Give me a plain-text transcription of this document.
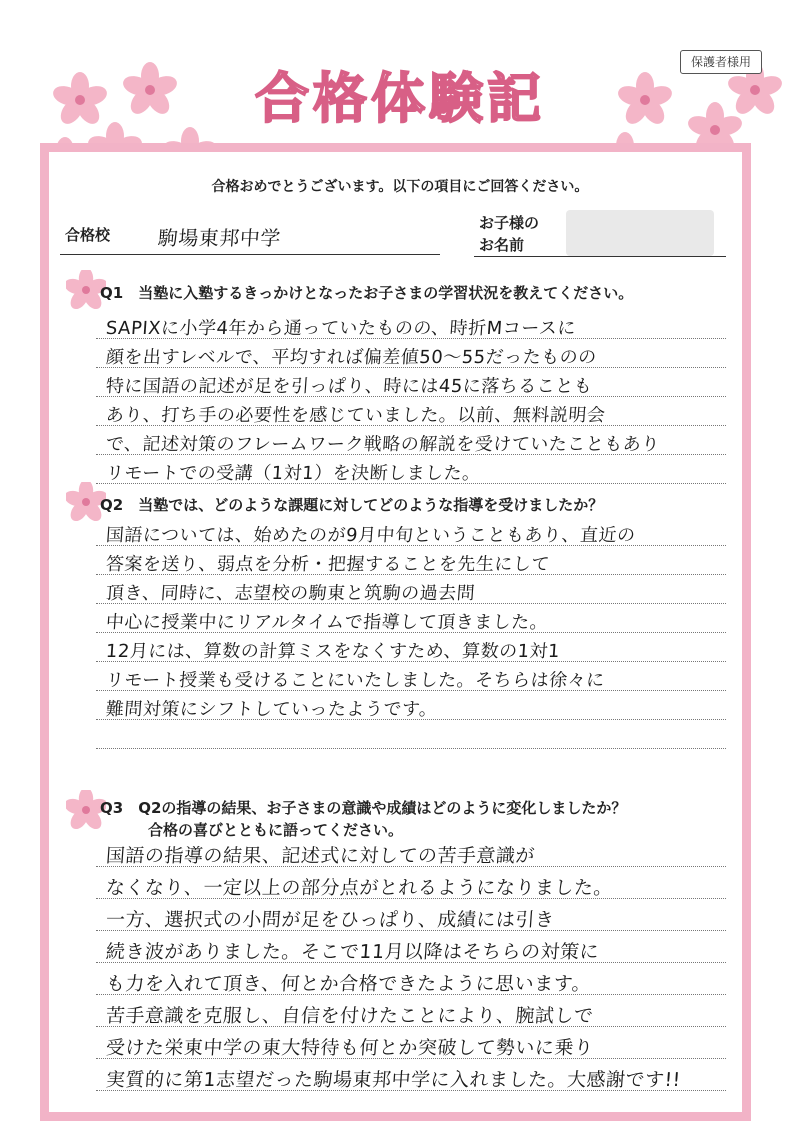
保護者様用
合格体験記
合格おめでとうございます。以下の項目にご回答ください。
合格校 駒場東邦中学
お子様の
お名前
Q1　当塾に入塾するきっかけとなったお子さまの学習状況を教えてください。
SAPIXに小学4年から通っていたものの、時折Mコースに
顔を出すレベルで、平均すれば偏差値50～55だったものの
特に国語の記述が足を引っぱり、時には45に落ちることも
あり、打ち手の必要性を感じていました。以前、無料説明会
で、記述対策のフレームワーク戦略の解説を受けていたこともあり
リモートでの受講（1対1）を決断しました。
Q2　当塾では、どのような課題に対してどのような指導を受けましたか？
国語については、始めたのが9月中旬ということもあり、直近の
答案を送り、弱点を分析・把握することを先生にして
頂き、同時に、志望校の駒東と筑駒の過去問
中心に授業中にリアルタイムで指導して頂きました。
12月には、算数の計算ミスをなくすため、算数の1対1
リモート授業も受けることにいたしました。そちらは徐々に
難問対策にシフトしていったようです。
Q3　Q2の指導の結果、お子さまの意識や成績はどのように変化しましたか？
合格の喜びとともに語ってください。
国語の指導の結果、記述式に対しての苦手意識が
なくなり、一定以上の部分点がとれるようになりました。
一方、選択式の小問が足をひっぱり、成績には引き
続き波がありました。そこで11月以降はそちらの対策に
も力を入れて頂き、何とか合格できたように思います。
苦手意識を克服し、自信を付けたことにより、腕試しで
受けた栄東中学の東大特待も何とか突破して勢いに乗り
実質的に第1志望だった駒場東邦中学に入れました。大感謝です!!
